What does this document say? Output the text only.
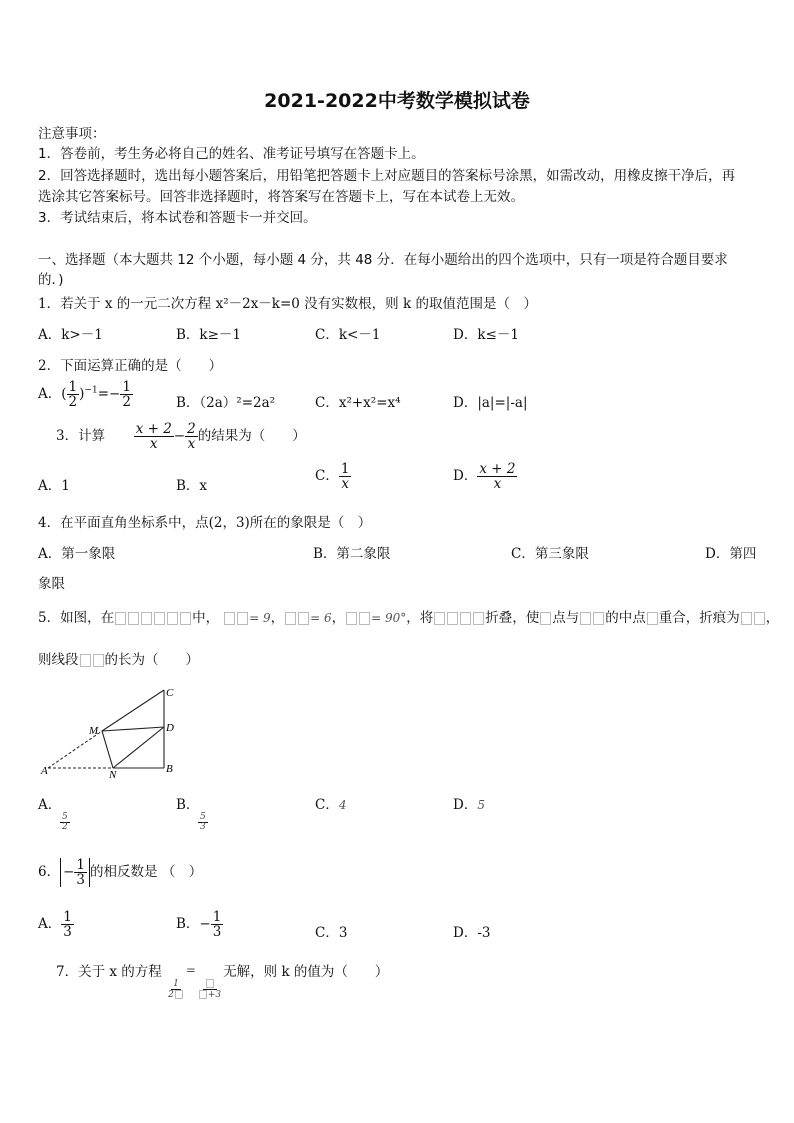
2021-2022中考数学模拟试卷
注意事项：
1．答卷前，考生务必将自己的姓名、准考证号填写在答题卡上。
2．回答选择题时，选出每小题答案后，用铅笔把答题卡上对应题目的答案标号涂黑，如需改动，用橡皮擦干净后，再
选涂其它答案标号。回答非选择题时，将答案写在答题卡上，写在本试卷上无效。
3．考试结束后，将本试卷和答题卡一并交回。
一、选择题（本大题共 12 个小题，每小题 4 分，共 48 分．在每小题给出的四个选项中，只有一项是符合题目要求
的．)
1．若关于 x 的一元二次方程 x²－2x－k=0 没有实数根，则 k 的取值范围是（　）
A．k>－1	B．k≥－1	C．k<－1	D．k≤－1
2．下面运算正确的是（　　）
A．( $\frac{1}{2} )^{-1}=- \frac{1}{2}$	B．（2a）²=2a²	C．x²+x²=x⁴	D．|a|=|-a|
3．计算 $\frac{x + 2}{x} - \frac{2}{x}$ 的结果为（　　）
A．1	B．x
C． $\frac{1}{x}$	D． $\frac{x + 2}{x}$
4．在平面直角坐标系中，点(2，3)所在的象限是（　）
A．第一象限	B．第二象限	C．第三象限	D．第四
象限
5．如图，在	中，	= 9， = 6， = 90°，将	折叠，使 点与 的中点 重合，折痕为 ，
则线段 的长为（　　）
C
M	D
A	N	B
A．

$\frac{5}{2}$
B．

$\frac{5}{3}$
C．4	D．5
6． − $\frac{1}{3}$ 的相反数是 （　）
A． $\frac{1}{3}$	B．− $\frac{1}{3}$	C．3	D．-3
7．关于 x 的方程
$\frac{1}{2}$
=
+3
无解，则 k 的值为（　　）
